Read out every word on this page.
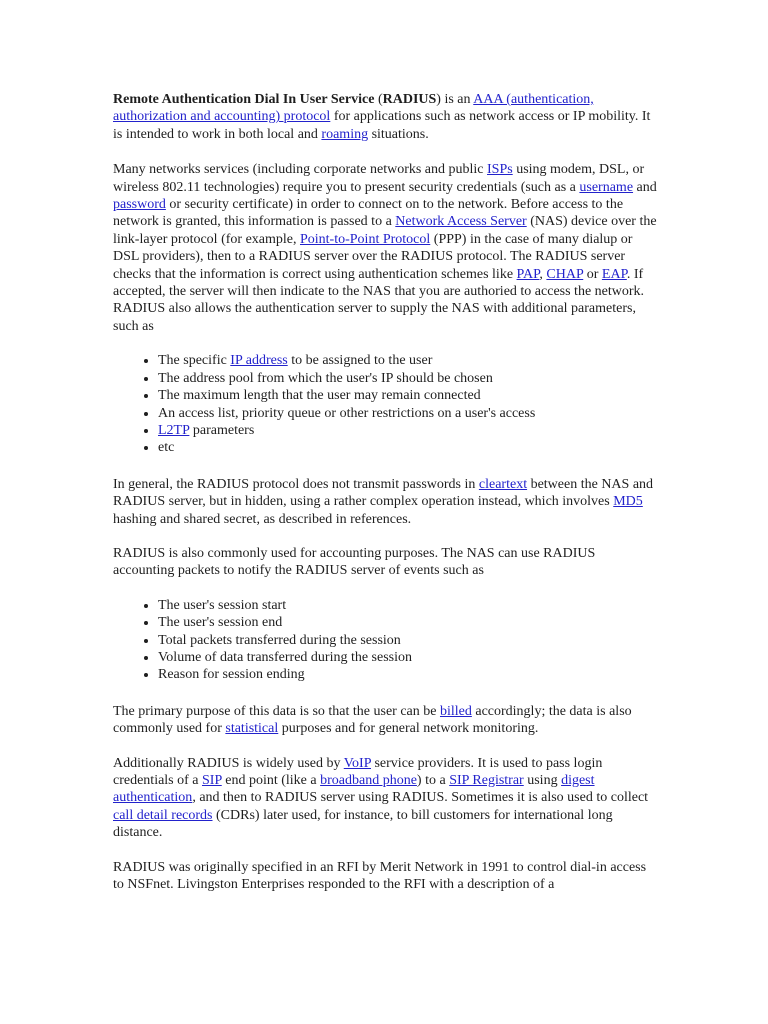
Remote Authentication Dial In User Service (RADIUS) is an AAA (authentication, authorization and accounting) protocol for applications such as network access or IP mobility. It is intended to work in both local and roaming situations.

Many networks services (including corporate networks and public ISPs using modem, DSL, or wireless 802.11 technologies) require you to present security credentials (such as a username and password or security certificate) in order to connect on to the network. Before access to the network is granted, this information is passed to a Network Access Server (NAS) device over the link-layer protocol (for example, Point-to-Point Protocol (PPP) in the case of many dialup or DSL providers), then to a RADIUS server over the RADIUS protocol. The RADIUS server checks that the information is correct using authentication schemes like PAP, CHAP or EAP. If accepted, the server will then indicate to the NAS that you are authoried to access the network. RADIUS also allows the authentication server to supply the NAS with additional parameters, such as

• The specific IP address to be assigned to the user
• The address pool from which the user's IP should be chosen
• The maximum length that the user may remain connected
• An access list, priority queue or other restrictions on a user's access
• L2TP parameters
• etc

In general, the RADIUS protocol does not transmit passwords in cleartext between the NAS and RADIUS server, but in hidden, using a rather complex operation instead, which involves MD5 hashing and shared secret, as described in references.

RADIUS is also commonly used for accounting purposes. The NAS can use RADIUS accounting packets to notify the RADIUS server of events such as

• The user's session start
• The user's session end
• Total packets transferred during the session
• Volume of data transferred during the session
• Reason for session ending

The primary purpose of this data is so that the user can be billed accordingly; the data is also commonly used for statistical purposes and for general network monitoring.

Additionally RADIUS is widely used by VoIP service providers. It is used to pass login credentials of a SIP end point (like a broadband phone) to a SIP Registrar using digest authentication, and then to RADIUS server using RADIUS. Sometimes it is also used to collect call detail records (CDRs) later used, for instance, to bill customers for international long distance.

RADIUS was originally specified in an RFI by Merit Network in 1991 to control dial-in access to NSFnet. Livingston Enterprises responded to the RFI with a description of a
